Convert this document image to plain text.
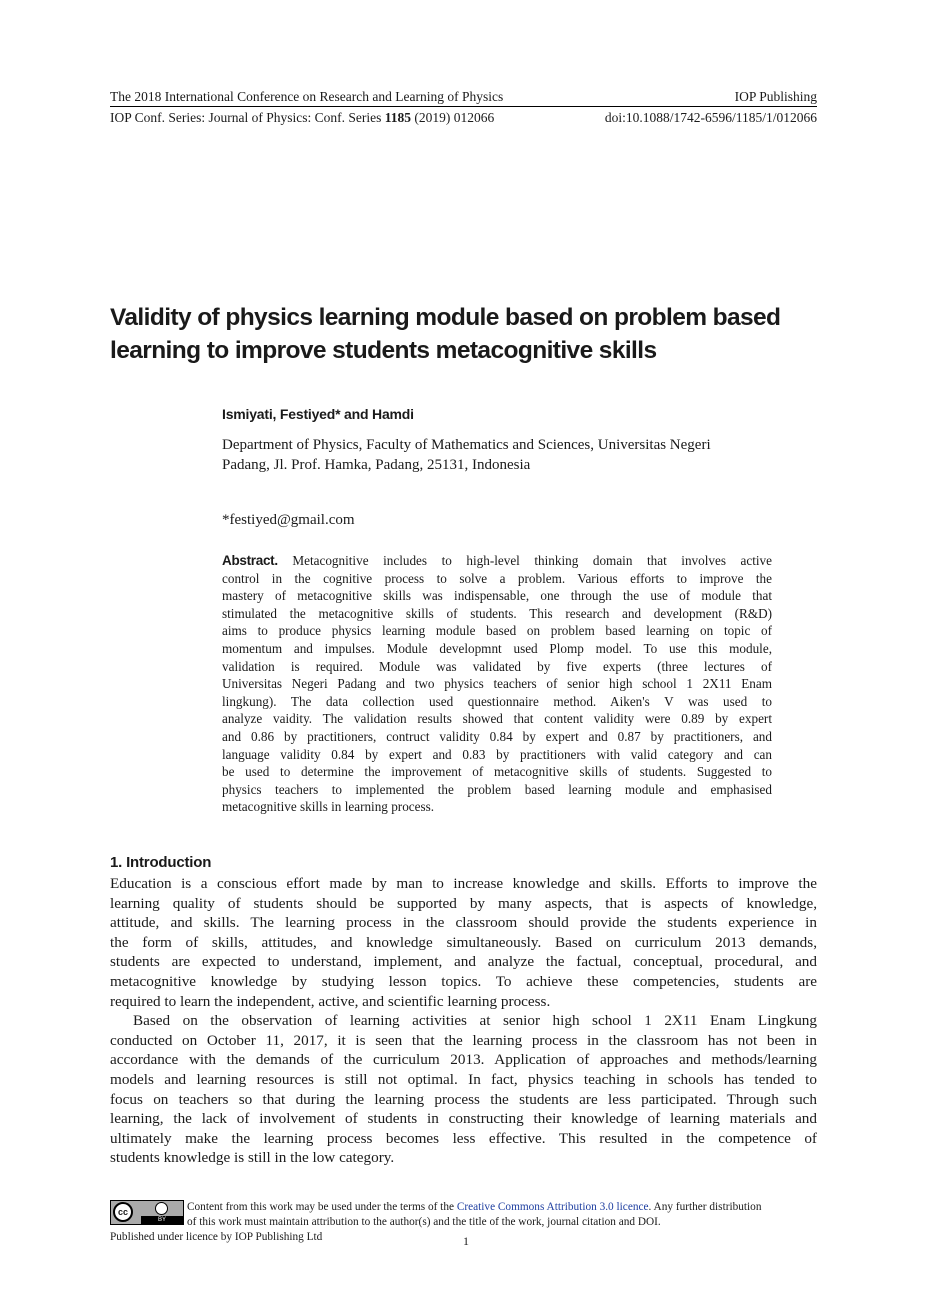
The 2018 International Conference on Research and Learning of Physics	IOP Publishing
IOP Conf. Series: Journal of Physics: Conf. Series 1185 (2019) 012066	doi:10.1088/1742-6596/1185/1/012066
Validity of physics learning module based on problem based
learning to improve students metacognitive skills
Ismiyati, Festiyed* and Hamdi
Department of Physics, Faculty of Mathematics and Sciences, Universitas Negeri
Padang, Jl. Prof. Hamka, Padang, 25131, Indonesia
*festiyed@gmail.com
Abstract. Metacognitive includes to high-level thinking domain that involves active
control in the cognitive process to solve a problem. Various efforts to improve the
mastery of metacognitive skills was indispensable, one through the use of module that
stimulated the metacognitive skills of students. This research and development (R&D)
aims to produce physics learning module based on problem based learning on topic of
momentum and impulses. Module developmnt used Plomp model. To use this module,
validation is required. Module was validated by five experts (three lectures of
Universitas Negeri Padang and two physics teachers of senior high school 1 2X11 Enam
lingkung). The data collection used questionnaire method. Aiken's V was used to
analyze vaidity. The validation results showed that content validity were 0.89 by expert
and 0.86 by practitioners, contruct validity 0.84 by expert and 0.87 by practitioners, and
language validity 0.84 by expert and 0.83 by practitioners with valid category and can
be used to determine the improvement of metacognitive skills of students. Suggested to
physics teachers to implemented the problem based learning module and emphasised
metacognitive skills in learning process.
1. Introduction
Education is a conscious effort made by man to increase knowledge and skills. Efforts to improve the
learning quality of students should be supported by many aspects, that is aspects of knowledge,
attitude, and skills. The learning process in the classroom should provide the students experience in
the form of skills, attitudes, and knowledge simultaneously. Based on curriculum 2013 demands,
students are expected to understand, implement, and analyze the factual, conceptual, procedural, and
metacognitive knowledge by studying lesson topics. To achieve these competencies, students are
required to learn the independent, active, and scientific learning process.
Based on the observation of learning activities at senior high school 1 2X11 Enam Lingkung
conducted on October 11, 2017, it is seen that the learning process in the classroom has not been in
accordance with the demands of the curriculum 2013. Application of approaches and methods/learning
models and learning resources is still not optimal. In fact, physics teaching in schools has tended to
focus on teachers so that during the learning process the students are less participated. Through such
learning, the lack of involvement of students in constructing their knowledge of learning materials and
ultimately make the learning process becomes less effective. This resulted in the competence of
students knowledge is still in the low category.
cc
BY
Content from this work may be used under the terms of the Creative Commons Attribution 3.0 licence. Any further distribution
of this work must maintain attribution to the author(s) and the title of the work, journal citation and DOI.
Published under licence by IOP Publishing Ltd	1
